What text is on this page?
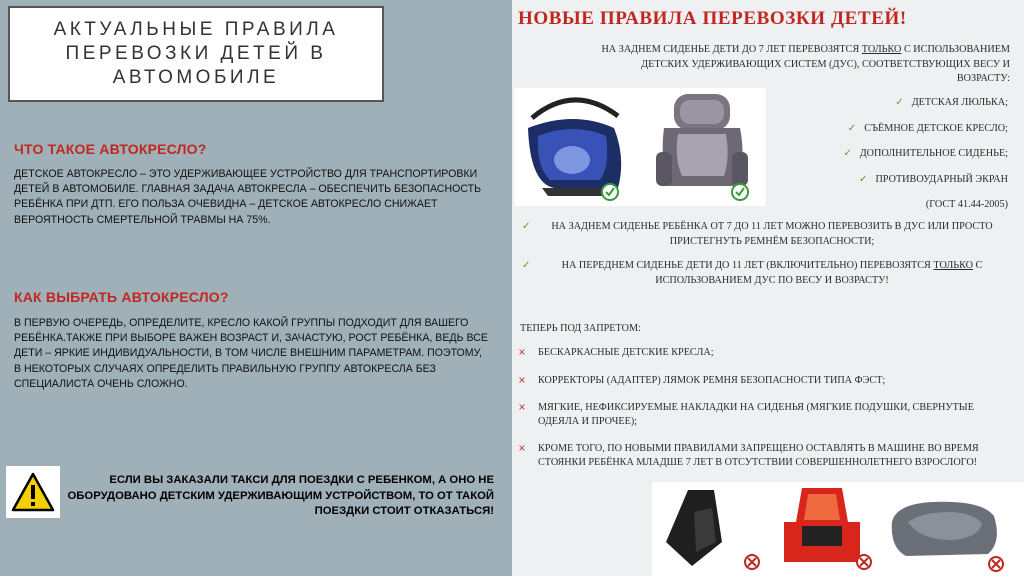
АКТУАЛЬНЫЕ ПРАВИЛА ПЕРЕВОЗКИ ДЕТЕЙ В АВТОМОБИЛЕ
ЧТО ТАКОЕ АВТОКРЕСЛО?
ДЕТСКОЕ АВТОКРЕСЛО – ЭТО УДЕРЖИВАЮЩЕЕ УСТРОЙСТВО ДЛЯ ТРАНСПОРТИРОВКИ ДЕТЕЙ В АВТОМОБИЛЕ. ГЛАВНАЯ ЗАДАЧА АВТОКРЕСЛА – ОБЕСПЕЧИТЬ БЕЗОПАСНОСТЬ РЕБЁНКА ПРИ ДТП. ЕГО ПОЛЬЗА ОЧЕВИДНА – ДЕТСКОЕ АВТОКРЕСЛО СНИЖАЕТ ВЕРОЯТНОСТЬ СМЕРТЕЛЬНОЙ ТРАВМЫ НА 75%.
КАК ВЫБРАТЬ АВТОКРЕСЛО?
В ПЕРВУЮ ОЧЕРЕДЬ, ОПРЕДЕЛИТЕ, КРЕСЛО КАКОЙ ГРУППЫ ПОДХОДИТ ДЛЯ ВАШЕГО РЕБЁНКА.ТАКЖЕ ПРИ ВЫБОРЕ ВАЖЕН ВОЗРАСТ И, ЗАЧАСТУЮ, РОСТ РЕБЁНКА, ВЕДЬ ВСЕ ДЕТИ – ЯРКИЕ ИНДИВИДУАЛЬНОСТИ, В ТОМ ЧИСЛЕ ВНЕШНИМ ПАРАМЕТРАМ. ПОЭТОМУ, В НЕКОТОРЫХ СЛУЧАЯХ ОПРЕДЕЛИТЬ ПРАВИЛЬНУЮ ГРУППУ АВТОКРЕСЛА БЕЗ СПЕЦИАЛИСТА ОЧЕНЬ СЛОЖНО.
ЕСЛИ ВЫ ЗАКАЗАЛИ ТАКСИ ДЛЯ ПОЕЗДКИ С РЕБЕНКОМ, А ОНО НЕ ОБОРУДОВАНО ДЕТСКИМ УДЕРЖИВАЮЩИМ УСТРОЙСТВОМ, ТО ОТ ТАКОЙ ПОЕЗДКИ СТОИТ ОТКАЗАТЬСЯ!
НОВЫЕ ПРАВИЛА ПЕРЕВОЗКИ ДЕТЕЙ!
НА ЗАДНЕМ СИДЕНЬЕ ДЕТИ ДО 7 ЛЕТ ПЕРЕВОЗЯТСЯ ТОЛЬКО С ИСПОЛЬЗОВАНИЕМ ДЕТСКИХ УДЕРЖИВАЮЩИХ СИСТЕМ (ДУС), СООТВЕТСТВУЮЩИХ ВЕСУ И ВОЗРАСТУ:
✓ ДЕТСКАЯ ЛЮЛЬКА;
✓ СЪЁМНОЕ ДЕТСКОЕ КРЕСЛО;
✓ ДОПОЛНИТЕЛЬНОЕ СИДЕНЬЕ;
✓ ПРОТИВОУДАРНЫЙ ЭКРАН
(ГОСТ 41.44-2005)
✓ НА ЗАДНЕМ СИДЕНЬЕ РЕБЁНКА ОТ 7 ДО 11 ЛЕТ МОЖНО ПЕРЕВОЗИТЬ В ДУС ИЛИ ПРОСТО ПРИСТЕГНУТЬ РЕМНЁМ БЕЗОПАСНОСТИ;
✓	НА ПЕРЕДНЕМ СИДЕНЬЕ ДЕТИ ДО 11 ЛЕТ (ВКЛЮЧИТЕЛЬНО) ПЕРЕВОЗЯТСЯ ТОЛЬКО С ИСПОЛЬЗОВАНИЕМ ДУС ПО ВЕСУ И ВОЗРАСТУ!
ТЕПЕРЬ ПОД ЗАПРЕТОМ:
× БЕСКАРКАСНЫЕ ДЕТСКИЕ КРЕСЛА;
× КОРРЕКТОРЫ (АДАПТЕР) ЛЯМОК РЕМНЯ БЕЗОПАСНОСТИ ТИПА ФЭСТ;
× МЯГКИЕ, НЕФИКСИРУЕМЫЕ НАКЛАДКИ НА СИДЕНЬЯ (МЯГКИЕ ПОДУШКИ, СВЕРНУТЫЕ ОДЕЯЛА И ПРОЧЕЕ);
× КРОМЕ ТОГО, ПО НОВЫМИ ПРАВИЛАМИ ЗАПРЕЩЕНО ОСТАВЛЯТЬ В МАШИНЕ ВО ВРЕМЯ СТОЯНКИ РЕБЁНКА МЛАДШЕ 7 ЛЕТ В ОТСУТСТВИИ СОВЕРШЕННОЛЕТНЕГО ВЗРОСЛОГО!
